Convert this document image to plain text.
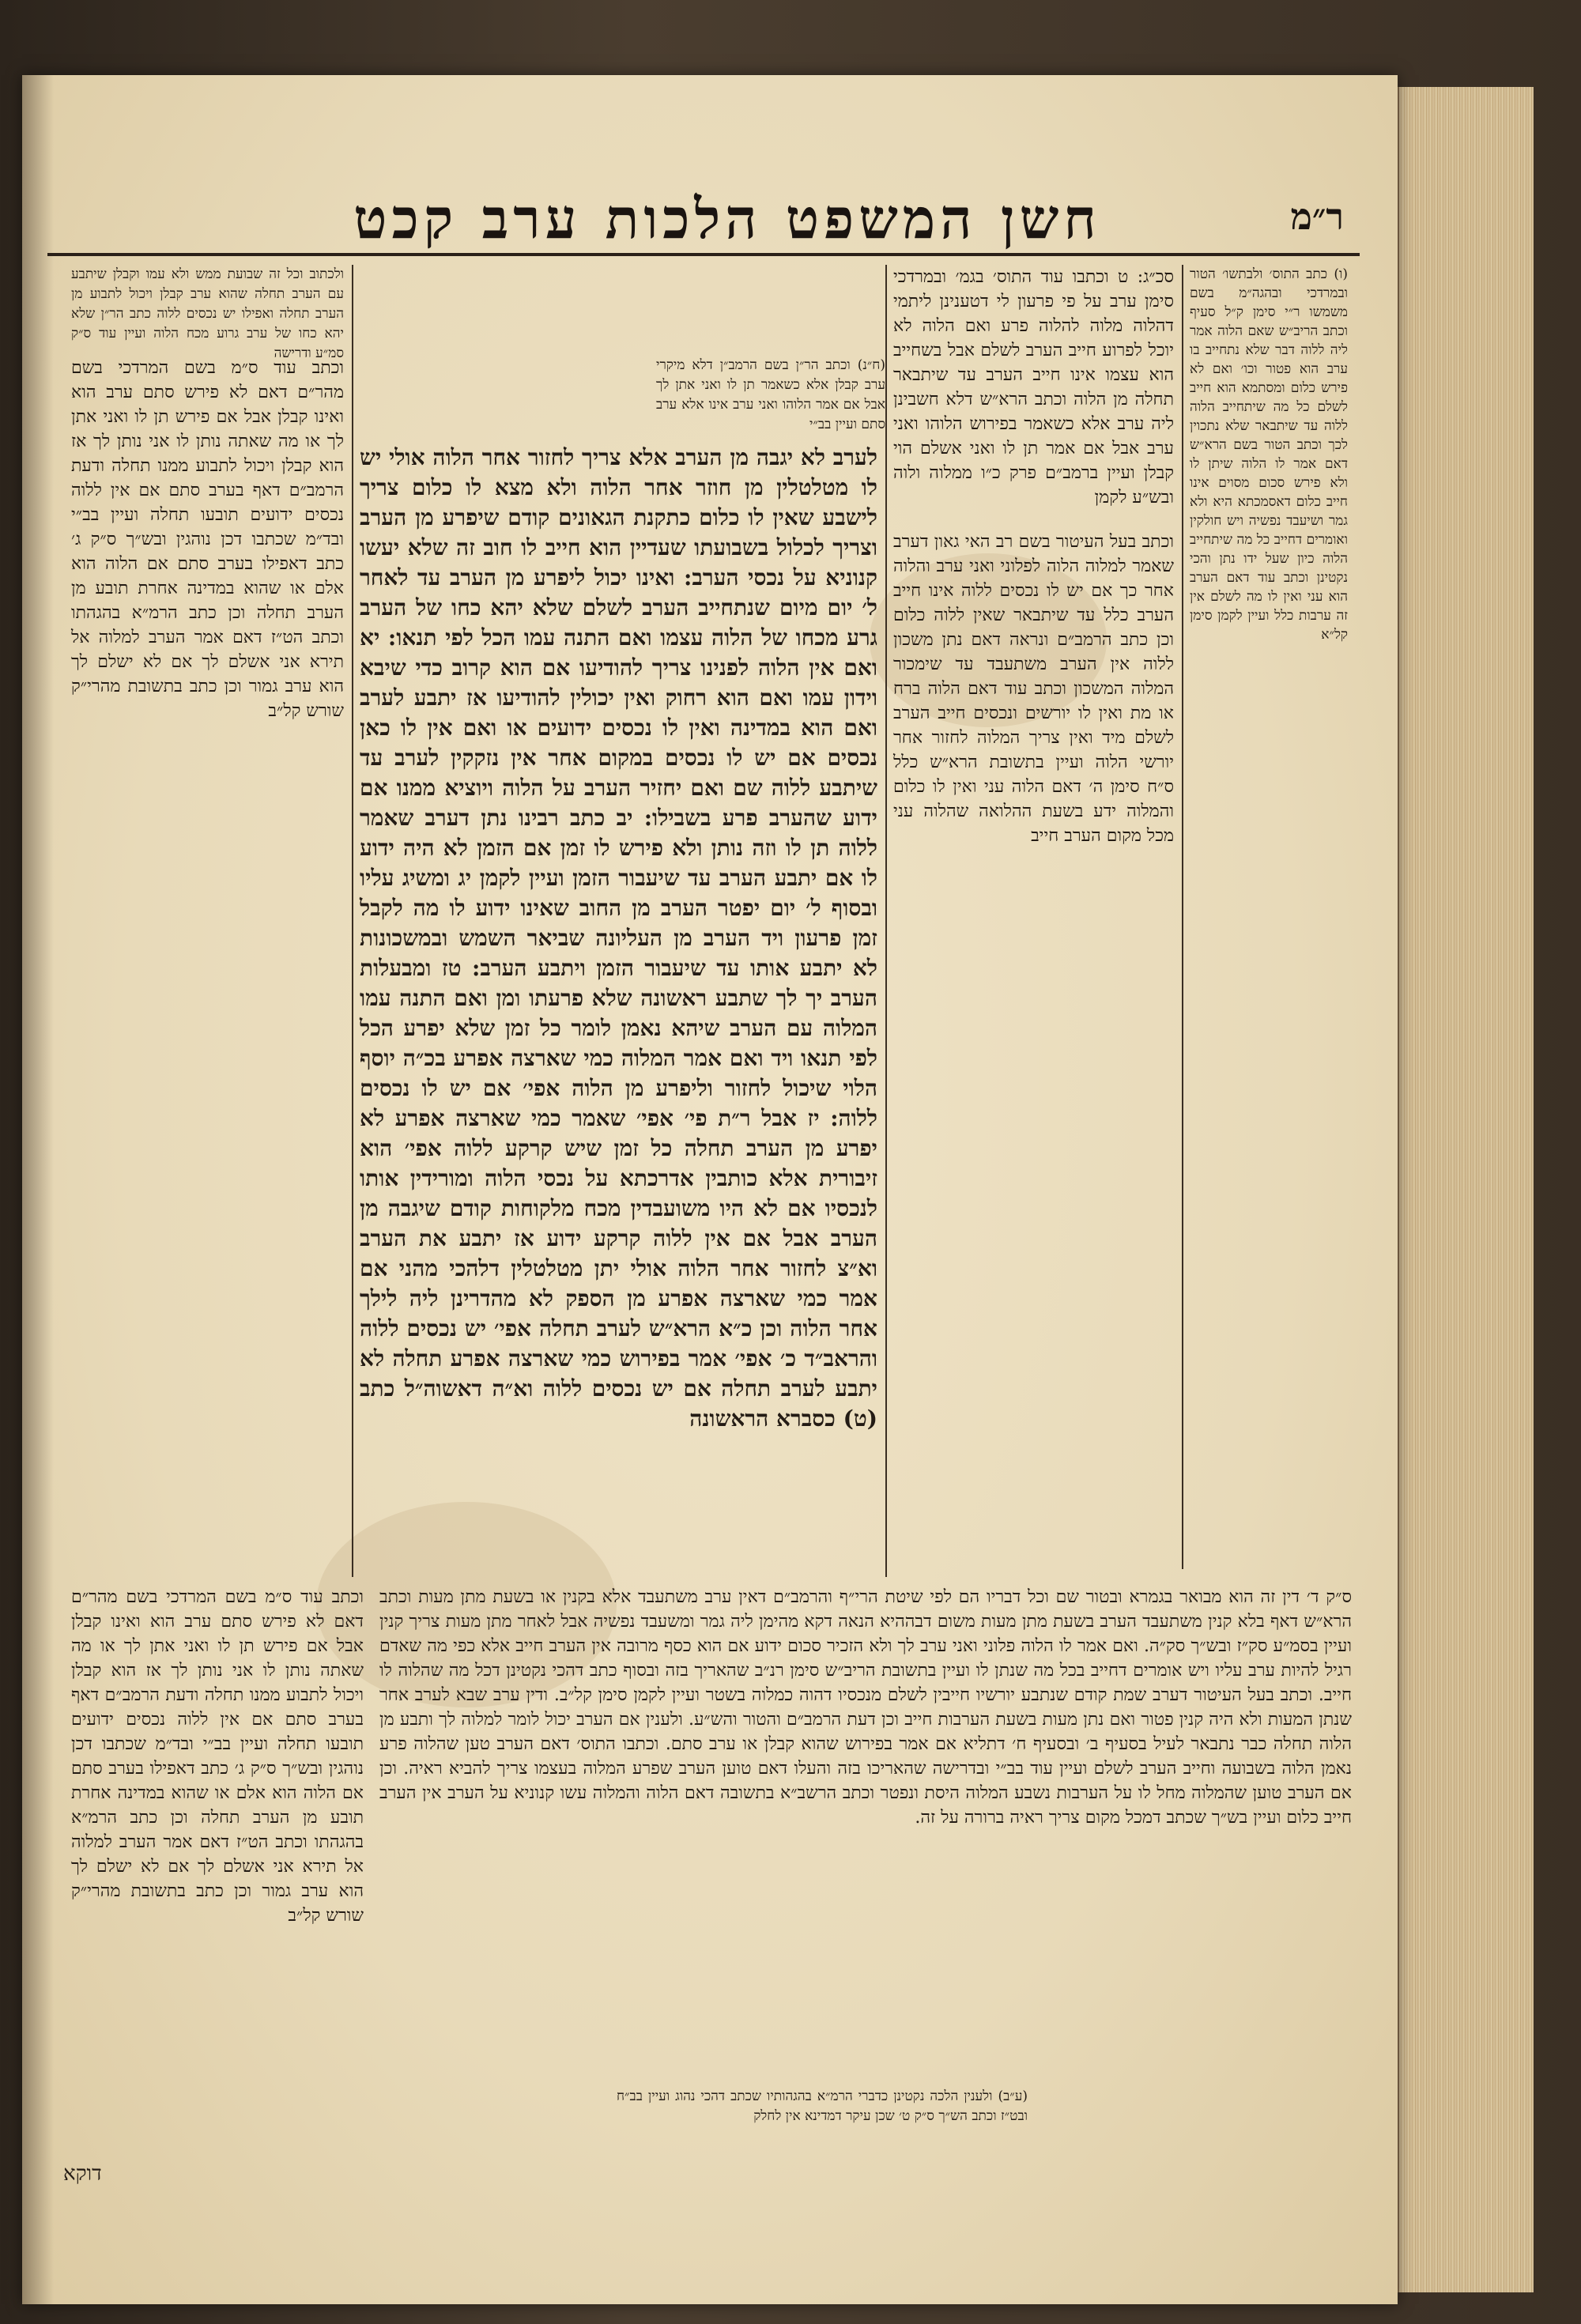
ר״מ
חשן המשפט הלכות ערב קכט
(ו) כתב התוס׳ ולבתשו׳ הטור ובמרדכי ובהגה״מ בשם משמשו ר״י סימן ק״ל סעיף וכתב הריב״ש שאם הלוה אמר ליה ללוה דבר שלא נתחייב בו ערב הוא פטור וכו׳ ואם לא פירש כלום ומסתמא הוא חייב לשלם כל מה שיתחייב הלוה ללוה עד שיתבאר שלא נתכוין לכך וכתב הטור בשם הרא״ש דאם אמר לו הלוה שיתן לו ולא פירש סכום מסוים אינו חייב כלום דאסמכתא היא ולא גמר ושיעבד נפשיה ויש חולקין ואומרים דחייב כל מה שיתחייב הלוה כיון שעל ידו נתן והכי נקטינן וכתב עוד דאם הערב הוא עני ואין לו מה לשלם אין זה ערבות כלל ועיין לקמן סימן קל״א
סכ״ג: ט וכתבו עוד התוס׳ בגמ׳ ובמרדכי סימן ערב על פי פרעון לי דטענינן ליתמי דהלוה מלוה להלוה פרע ואם הלוה לא יוכל לפרוע חייב הערב לשלם אבל בשחייב הוא עצמו אינו חייב הערב עד שיתבאר תחלה מן הלוה וכתב הרא״ש דלא חשבינן ליה ערב אלא כשאמר בפירוש הלוהו ואני ערב אבל אם אמר תן לו ואני אשלם הוי קבלן ועיין ברמב״ם פרק כ״ו ממלוה ולוה ובש״ע לקמן
(ח״נ) וכתב הר״ן בשם הרמב״ן דלא מיקרי ערב קבלן אלא כשאמר תן לו ואני אתן לך אבל אם אמר הלוהו ואני ערב אינו אלא ערב סתם ועיין בב״י
וכתב בעל העיטור בשם רב האי גאון דערב שאמר למלוה הלוה לפלוני ואני ערב והלוה אחר כך אם יש לו נכסים ללוה אינו חייב הערב כלל עד שיתבאר שאין ללוה כלום וכן כתב הרמב״ם ונראה דאם נתן משכון ללוה אין הערב משתעבד עד שימכור המלוה המשכון וכתב עוד דאם הלוה ברח או מת ואין לו יורשים ונכסים חייב הערב לשלם מיד ואין צריך המלוה לחזור אחר יורשי הלוה ועיין בתשובת הרא״ש כלל ס״ח סימן ה׳ דאם הלוה עני ואין לו כלום והמלוה ידע בשעת ההלואה שהלוה עני מכל מקום הערב חייב
לערב לא יגבה מן הערב אלא צריך לחזור אחר הלוה אולי יש לו מטלטלין מן חוזר אחר הלוה ולא מצא לו כלום צריך לישבע שאין לו כלום כתקנת הגאונים קודם שיפרע מן הערב וצריך לכלול בשבועתו שעדיין הוא חייב לו חוב זה שלא יעשו קנוניא על נכסי הערב: ואינו יכול ליפרע מן הערב עד לאחר ל׳ יום מיום שנתחייב הערב לשלם שלא יהא כחו של הערב גרע מכחו של הלוה עצמו ואם התנה עמו הכל לפי תנאו: יא ואם אין הלוה לפנינו צריך להודיעו אם הוא קרוב כדי שיבא וידון עמו ואם הוא רחוק ואין יכולין להודיעו אז יתבע לערב ואם הוא במדינה ואין לו נכסים ידועים או ואם אין לו כאן נכסים אם יש לו נכסים במקום אחר אין נזקקין לערב עד שיתבע ללוה שם ואם יחזיר הערב על הלוה ויוציא ממנו אם ידוע שהערב פרע בשבילו: יב כתב רבינו נתן דערב שאמר ללוה תן לו וזה נותן ולא פירש לו זמן אם הזמן לא היה ידוע לו אם יתבע הערב עד שיעבור הזמן ועיין לקמן יג ומשיג עליו ובסוף ל׳ יום יפטר הערב מן החוב שאינו ידוע לו מה לקבל זמן פרעון ויד הערב מן העליונה שביאר השמש ובמשכונות לא יתבע אותו עד שיעבור הזמן ויתבע הערב: טז ומבעלות הערב יך לך שתבע ראשונה שלא פרעתו ומן ואם התנה עמו המלוה עם הערב שיהא נאמן לומר כל זמן שלא יפרע הכל לפי תנאו ויד ואם אמר המלוה כמי שארצה אפרע בכ״ה יוסף הלוי שיכול לחזור וליפרע מן הלוה אפי׳ אם יש לו נכסים ללוה: יז אבל ר״ת פי׳ אפי׳ שאמר כמי שארצה אפרע לא יפרע מן הערב תחלה כל זמן שיש קרקע ללוה אפי׳ הוא זיבורית אלא כותבין אדרכתא על נכסי הלוה ומורידין אותו לנכסיו אם לא היו משועבדין מכח מלקוחות קודם שיגבה מן הערב אבל אם אין ללוה קרקע ידוע אז יתבע את הערב וא״צ לחזור אחר הלוה אולי יתן מטלטלין דלהכי מהני אם אמר כמי שארצה אפרע מן הספק לא מהדרינן ליה לילך אחר הלוה וכן כ״א הרא״ש לערב תחלה אפי׳ יש נכסים ללוה והראב״ד כ׳ אפי׳ אמר בפירוש כמי שארצה אפרע תחלה לא יתבע לערב תחלה אם יש נכסים ללוה וא״ה דאשוה״ל כתב (ט) כסברא הראשונה
ולכתוב וכל זה שבועת ממש ולא עמו וקבלן שיתבע עם הערב תחלה שהוא ערב קבלן ויכול לתבוע מן הערב תחלה ואפילו יש נכסים ללוה כתב הר״ן שלא יהא כחו של ערב גרוע מכח הלוה ועיין עוד ס״ק סמ״ע ודרישה
וכתב עוד ס״מ בשם המרדכי בשם מהר״ם דאם לא פירש סתם ערב הוא ואינו קבלן אבל אם פירש תן לו ואני אתן לך או מה שאתה נותן לו אני נותן לך אז הוא קבלן ויכול לתבוע ממנו תחלה ודעת הרמב״ם דאף בערב סתם אם אין ללוה נכסים ידועים תובעו תחלה ועיין בב״י ובד״מ שכתבו דכן נוהגין ובש״ך ס״ק ג׳ כתב דאפילו בערב סתם אם הלוה הוא אלם או שהוא במדינה אחרת תובע מן הערב תחלה וכן כתב הרמ״א בהגהתו וכתב הט״ז דאם אמר הערב למלוה אל תירא אני אשלם לך אם לא ישלם לך הוא ערב גמור וכן כתב בתשובת מהרי״ק שורש קל״ב
ס״ק ד׳ דין זה הוא מבואר בגמרא ובטור שם וכל דבריו הם לפי שיטת הרי״ף והרמב״ם דאין ערב משתעבד אלא בקנין או בשעת מתן מעות וכתב הרא״ש דאף בלא קנין משתעבד הערב בשעת מתן מעות משום דבההיא הנאה דקא מהימן ליה גמר ומשעבד נפשיה אבל לאחר מתן מעות צריך קנין ועיין בסמ״ע סק״ז ובש״ך סק״ה. ואם אמר לו הלוה פלוני ואני ערב לך ולא הזכיר סכום ידוע אם הוא כסף מרובה אין הערב חייב אלא כפי מה שאדם רגיל להיות ערב עליו ויש אומרים דחייב בכל מה שנתן לו ועיין בתשובת הריב״ש סימן רנ״ב שהאריך בזה ובסוף כתב דהכי נקטינן דכל מה שהלוה לו חייב. וכתב בעל העיטור דערב שמת קודם שנתבע יורשיו חייבין לשלם מנכסיו דהוה כמלוה בשטר ועיין לקמן סימן קל״ב. ודין ערב שבא לערב אחר שנתן המעות ולא היה קנין פטור ואם נתן מעות בשעת הערבות חייב וכן דעת הרמב״ם והטור והש״ע. ולענין אם הערב יכול לומר למלוה לך ותבע מן הלוה תחלה כבר נתבאר לעיל בסעיף ב׳ ובסעיף ח׳ דתליא אם אמר בפירוש שהוא קבלן או ערב סתם. וכתבו התוס׳ דאם הערב טען שהלוה פרע נאמן הלוה בשבועה וחייב הערב לשלם ועיין עוד בב״י ובדרישה שהאריכו בזה והעלו דאם טוען הערב שפרע המלוה בעצמו צריך להביא ראיה. וכן אם הערב טוען שהמלוה מחל לו על הערבות נשבע המלוה היסת ונפטר וכתב הרשב״א בתשובה דאם הלוה והמלוה עשו קנוניא על הערב אין הערב חייב כלום ועיין בש״ך שכתב דמכל מקום צריך ראיה ברורה על זה.
וכתב עוד ס״מ בשם המרדכי בשם מהר״ם דאם לא פירש סתם ערב הוא ואינו קבלן אבל אם פירש תן לו ואני אתן לך או מה שאתה נותן לו אני נותן לך אז הוא קבלן ויכול לתבוע ממנו תחלה ודעת הרמב״ם דאף בערב סתם אם אין ללוה נכסים ידועים תובעו תחלה ועיין בב״י ובד״מ שכתבו דכן נוהגין ובש״ך ס״ק ג׳ כתב דאפילו בערב סתם אם הלוה הוא אלם או שהוא במדינה אחרת תובע מן הערב תחלה וכן כתב הרמ״א בהגהתו וכתב הט״ז דאם אמר הערב למלוה אל תירא אני אשלם לך אם לא ישלם לך הוא ערב גמור וכן כתב בתשובת מהרי״ק שורש קל״ב
(ע״ב) ולענין הלכה נקטינן כדברי הרמ״א בהגהותיו שכתב דהכי נהוג ועיין בב״ח ובט״ז וכתב הש״ך ס״ק ט׳ שכן עיקר דמדינא אין לחלק
דוקא
